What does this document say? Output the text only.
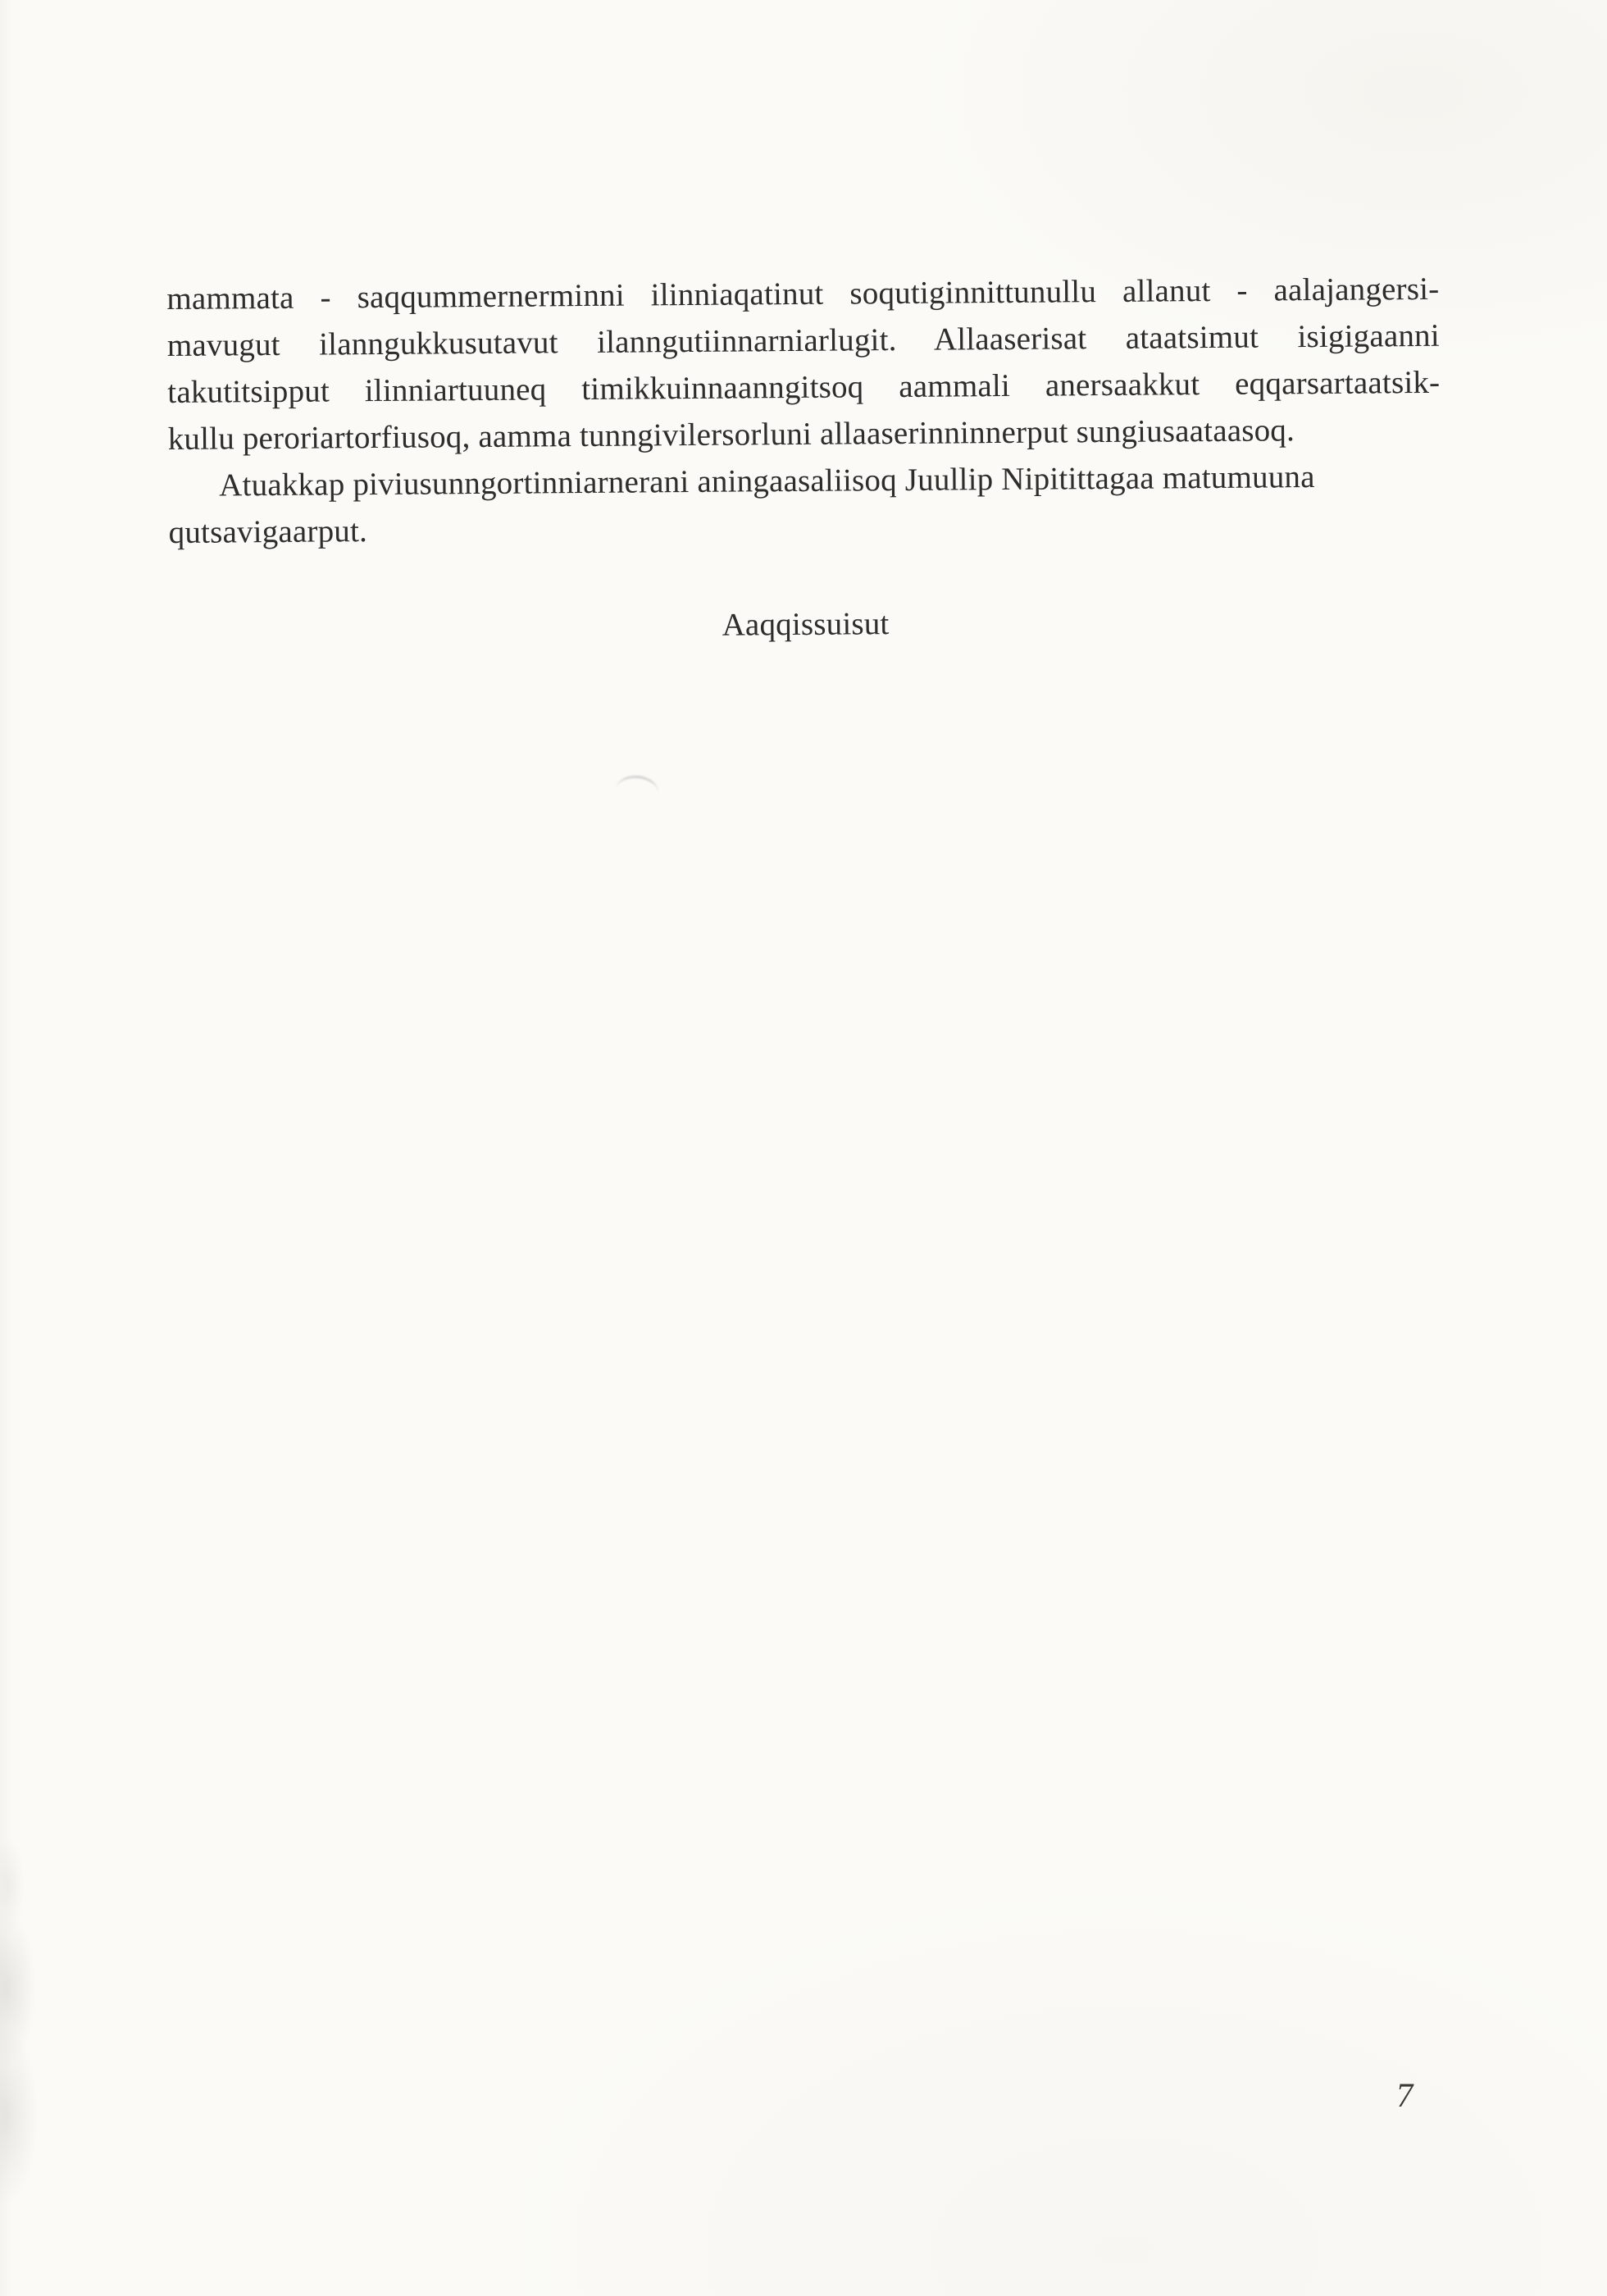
mammata - saqqummernerminni ilinniaqatinut soqutiginnittunullu allanut - aalajangersi-
mavugut ilanngukkusutavut ilanngutiinnarniarlugit. Allaaserisat ataatsimut isigigaanni
takutitsipput ilinniartuuneq timikkuinnaanngitsoq aammali anersaakkut eqqarsartaatsik-
kullu peroriartorfiusoq, aamma tunngivilersorluni allaaserinninnerput sungiusaataasoq.
Atuakkap piviusunngortinniarnerani aningaasaliisoq Juullip Nipitittagaa matumuuna
qutsavigaarput.
Aaqqissuisut
7
